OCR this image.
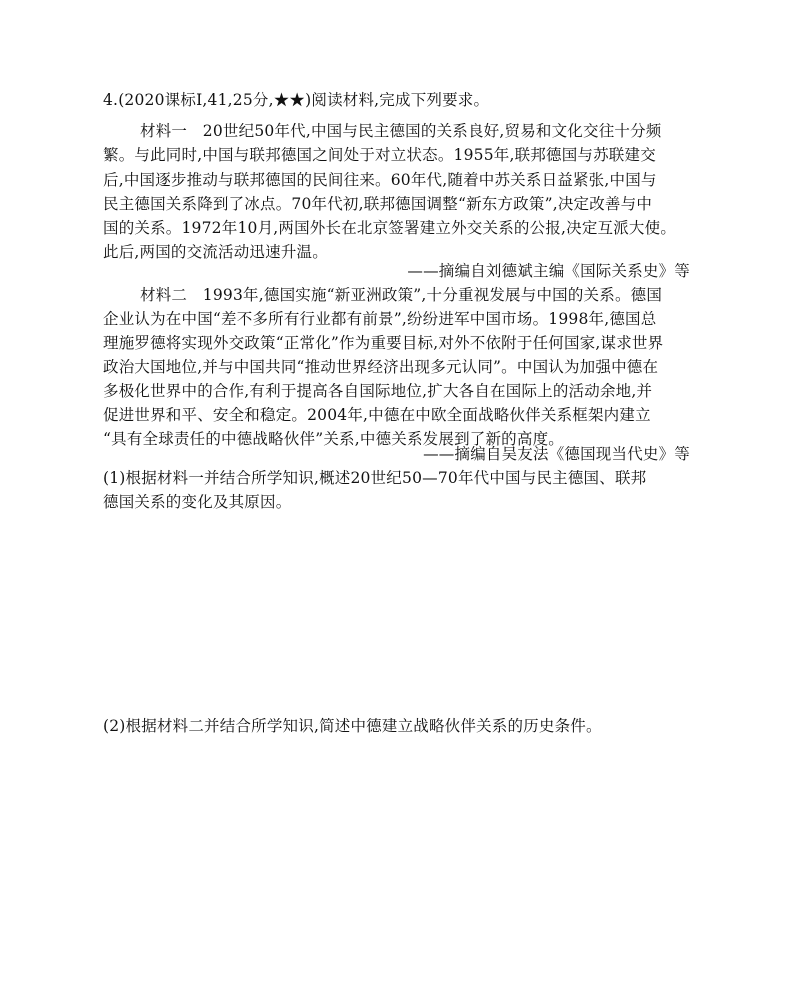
4.(2020课标Ⅰ,41,25分,★★)阅读材料,完成下列要求。
材料一　20世纪50年代,中国与民主德国的关系良好,贸易和文化交往十分频
繁。与此同时,中国与联邦德国之间处于对立状态。1955年,联邦德国与苏联建交
后,中国逐步推动与联邦德国的民间往来。60年代,随着中苏关系日益紧张,中国与
民主德国关系降到了冰点。70年代初,联邦德国调整“新东方政策”,决定改善与中
国的关系。1972年10月,两国外长在北京签署建立外交关系的公报,决定互派大使。
此后,两国的交流活动迅速升温。
——摘编自刘德斌主编《国际关系史》等
材料二　1993年,德国实施“新亚洲政策”,十分重视发展与中国的关系。德国
企业认为在中国“差不多所有行业都有前景”,纷纷进军中国市场。1998年,德国总
理施罗德将实现外交政策“正常化”作为重要目标,对外不依附于任何国家,谋求世界
政治大国地位,并与中国共同“推动世界经济出现多元认同”。中国认为加强中德在
多极化世界中的合作,有利于提高各自国际地位,扩大各自在国际上的活动余地,并
促进世界和平、安全和稳定。2004年,中德在中欧全面战略伙伴关系框架内建立
“具有全球责任的中德战略伙伴”关系,中德关系发展到了新的高度。
——摘编自吴友法《德国现当代史》等
(1)根据材料一并结合所学知识,概述20世纪50—70年代中国与民主德国、联邦
德国关系的变化及其原因。
(2)根据材料二并结合所学知识,简述中德建立战略伙伴关系的历史条件。
